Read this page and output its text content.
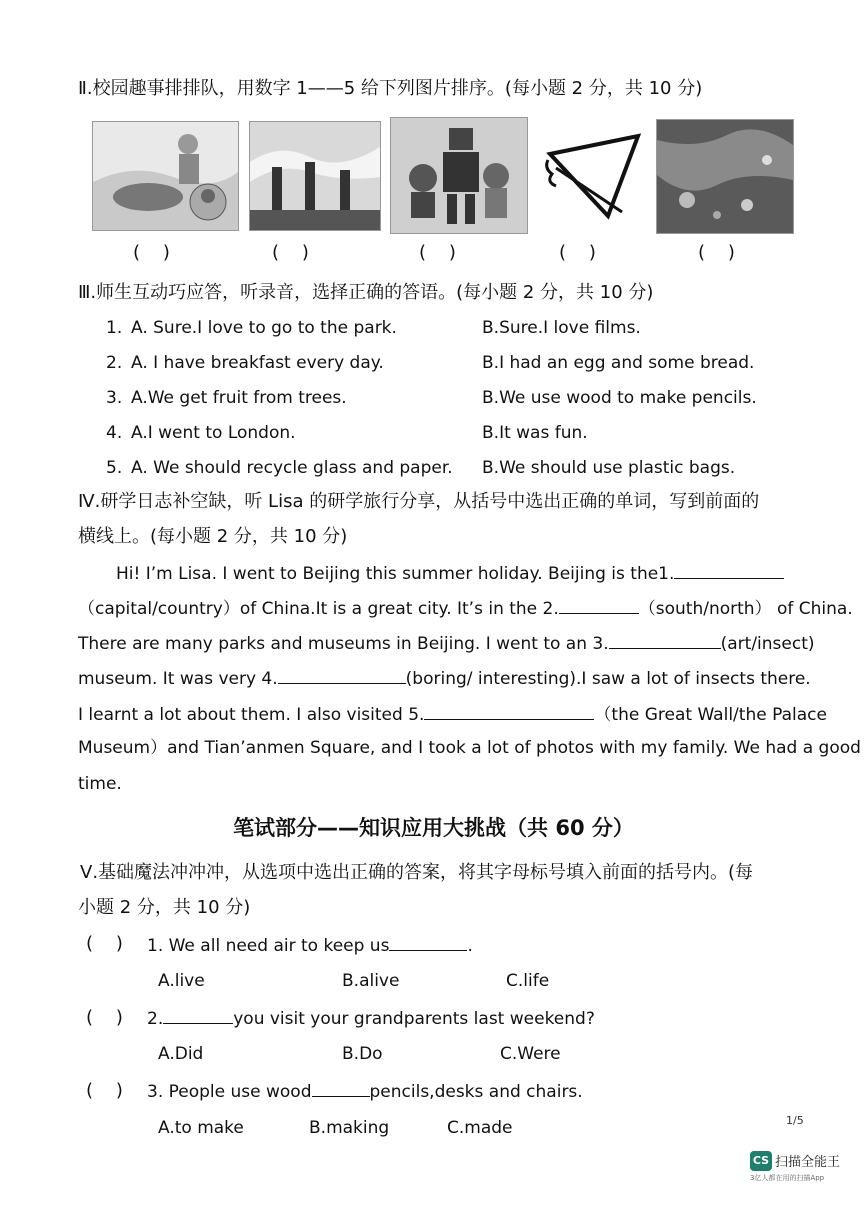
Ⅱ.校园趣事排排队，用数字 1——5 给下列图片排序。(每小题 2 分，共 10 分)
(    )	(    )	(    )	(    )	(    )
Ⅲ.师生互动巧应答，听录音，选择正确的答语。(每小题 2 分，共 10 分)
1. A. Sure.I love to go to the park.	B.Sure.I love films.
2. A. I have breakfast every day.	B.I had an egg and some bread.
3. A.We get fruit from trees.	B.We use wood to make pencils.
4. A.I went to London.	B.It was fun.
5. A. We should recycle glass and paper. B.We should use plastic bags.
Ⅳ.研学日志补空缺，听 Lisa 的研学旅行分享，从括号中选出正确的单词，写到前面的
横线上。(每小题 2 分，共 10 分)
Hi! I’m Lisa. I went to Beijing this summer holiday. Beijing is the1.
（capital/country）of China.It is a great city. It’s in the 2.	（south/north） of China.
There are many parks and museums in Beijing. I went to an 3.	(art/insect)
museum. It was very 4.	(boring/ interesting).I saw a lot of insects there.
I learnt a lot about them. I also visited 5.	（the Great Wall/the Palace
Museum）and Tian’anmen Square, and I took a lot of photos with my family. We had a good
time.
笔试部分——知识应用大挑战（共 60 分）
Ⅴ.基础魔法冲冲冲，从选项中选出正确的答案，将其字母标号填入前面的括号内。(每
小题 2 分，共 10 分)
(    ) 1. We all need air to keep us	.
A.live	B.alive	C.life
(    ) 2.	you visit your grandparents last weekend?
A.Did	B.Do	C.Were
(    ) 3. People use wood	pencils,desks and chairs.
A.to make	B.making	C.made	1/5
CS 扫描全能王
3亿人都在用的扫描App
